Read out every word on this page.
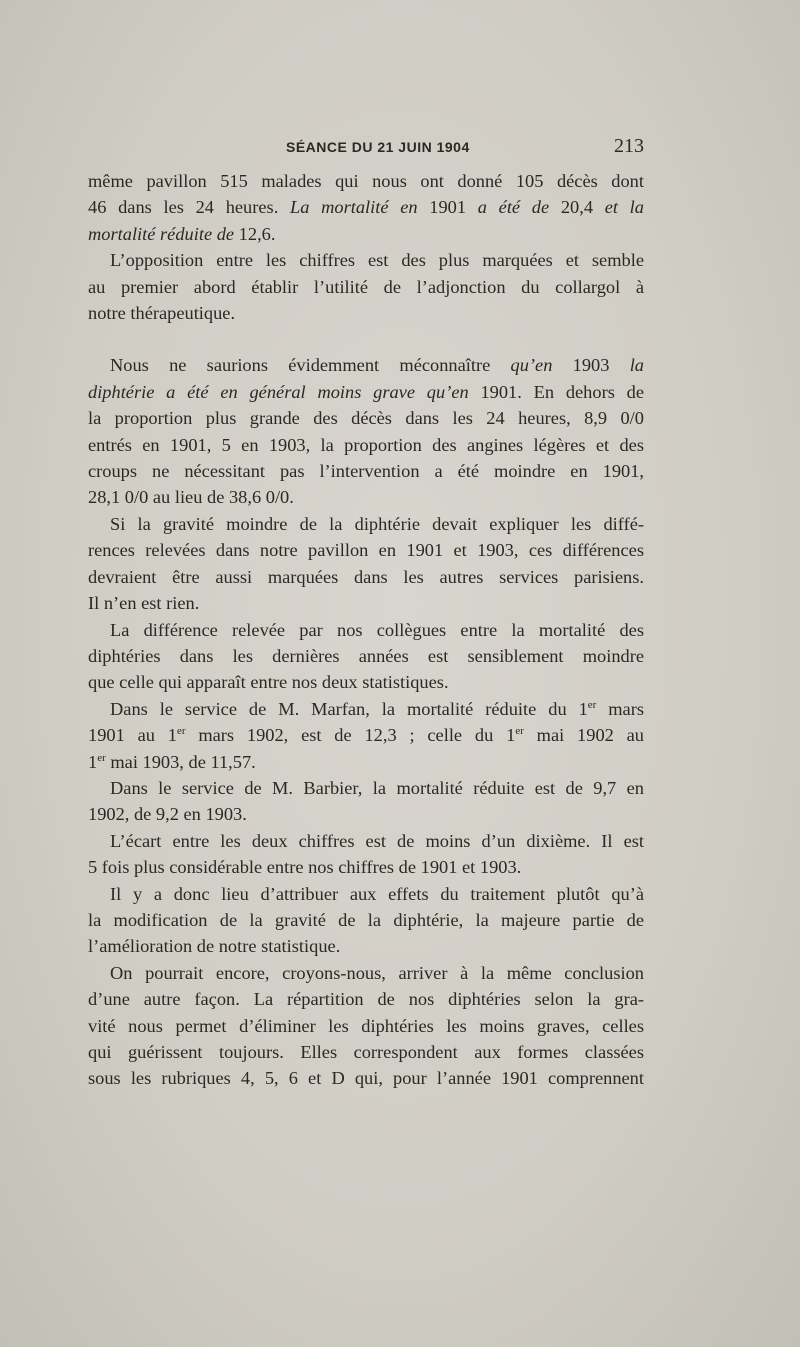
SÉANCE DU 21 JUIN 1904	213
même pavillon 515 malades qui nous ont donné 105 décès dont
46 dans les 24 heures. La mortalité en 1901 a été de 20,4 et la
mortalité réduite de 12,6.
L’opposition entre les chiffres est des plus marquées et semble
au premier abord établir l’utilité de l’adjonction du collargol à
notre thérapeutique.
Nous ne saurions évidemment méconnaître qu’en 1903 la
diphtérie a été en général moins grave qu’en 1901. En dehors de
la proportion plus grande des décès dans les 24 heures, 8,9 0/0
entrés en 1901, 5 en 1903, la proportion des angines légères et des
croups ne nécessitant pas l’intervention a été moindre en 1901,
28,1 0/0 au lieu de 38,6 0/0.
Si la gravité moindre de la diphtérie devait expliquer les diffé-
rences relevées dans notre pavillon en 1901 et 1903, ces différences
devraient être aussi marquées dans les autres services parisiens.
Il n’en est rien.
La différence relevée par nos collègues entre la mortalité des
diphtéries dans les dernières années est sensiblement moindre
que celle qui apparaît entre nos deux statistiques.
Dans le service de M. Marfan, la mortalité réduite du 1er mars
1901 au 1er mars 1902, est de 12,3 ; celle du 1er mai 1902 au
1er mai 1903, de 11,57.
Dans le service de M. Barbier, la mortalité réduite est de 9,7 en
1902, de 9,2 en 1903.
L’écart entre les deux chiffres est de moins d’un dixième. Il est
5 fois plus considérable entre nos chiffres de 1901 et 1903.
Il y a donc lieu d’attribuer aux effets du traitement plutôt qu’à
la modification de la gravité de la diphtérie, la majeure partie de
l’amélioration de notre statistique.
On pourrait encore, croyons-nous, arriver à la même conclusion
d’une autre façon. La répartition de nos diphtéries selon la gra-
vité nous permet d’éliminer les diphtéries les moins graves, celles
qui guérissent toujours. Elles correspondent aux formes classées
sous les rubriques 4, 5, 6 et D qui, pour l’année 1901 comprennent
